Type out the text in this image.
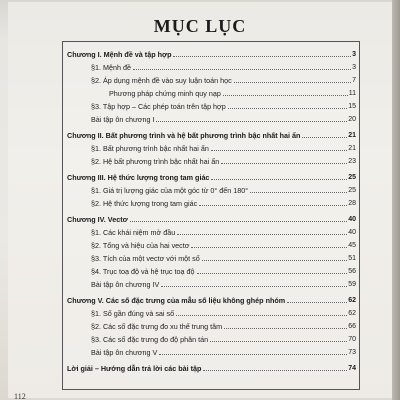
MỤC LỤC
Chương I. Mệnh đề và tập hợp	3
§1. Mệnh đề	3
§2. Áp dụng mệnh đề vào suy luận toán học	7
Phương pháp chứng minh quy nạp	11
§3. Tập hợp – Các phép toán trên tập hợp	15
Bài tập ôn chương I	20
Chương II. Bất phương trình và hệ bất phương trình bậc nhất hai ẩn	21
§1. Bất phương trình bậc nhất hai ẩn	21
§2. Hệ bất phương trình bậc nhất hai ẩn	23
Chương III. Hệ thức lượng trong tam giác	25
§1. Giá trị lượng giác của một góc từ 0° đến 180°	25
§2. Hệ thức lượng trong tam giác	28
Chương IV. Vectơ	40
§1. Các khái niệm mở đầu	40
§2. Tổng và hiệu của hai vectơ	45
§3. Tích của một vectơ với một số	51
§4. Trục toạ độ và hệ trục toạ độ	56
Bài tập ôn chương IV	59
Chương V. Các số đặc trưng của mẫu số liệu không ghép nhóm	62
§1. Số gần đúng và sai số	62
§2. Các số đặc trưng đo xu thế trung tâm	66
§3. Các số đặc trưng đo độ phân tán	70
Bài tập ôn chương V	73
Lời giải – Hướng dẫn trả lời các bài tập	74
112
